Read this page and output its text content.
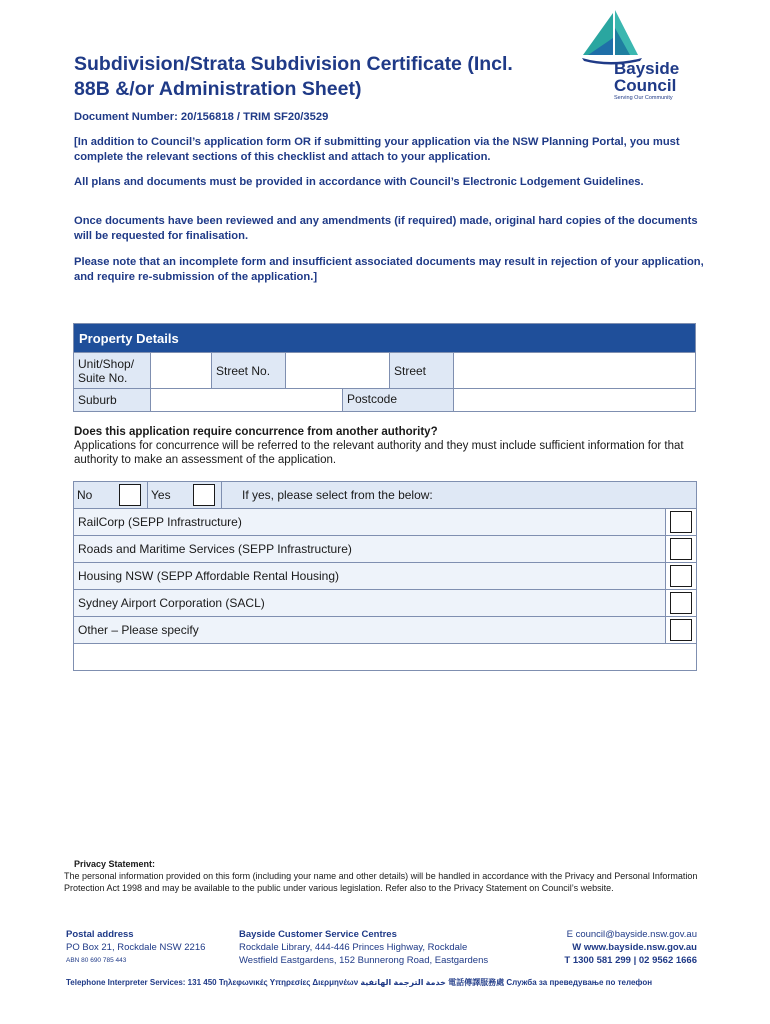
Subdivision/Strata Subdivision Certificate (Incl.
88B &/or Administration Sheet)
Bayside
Council
Serving Our Community

Document Number: 20/156818 / TRIM SF20/3529

[In addition to Council’s application form OR if submitting your application via the NSW Planning Portal, you must complete the relevant sections of this checklist and attach to your application.

All plans and documents must be provided in accordance with Council’s Electronic Lodgement Guidelines.

Once documents have been reviewed and any amendments (if required) made, original hard copies of the documents will be requested for finalisation.

Please note that an incomplete form and insufficient associated documents may result in rejection of your application, and require re-submission of the application.]

Property Details					
Unit/Shop/ Suite No.		Street No.		Street	
Suburb	Postcode				

Does this application require concurrence from another authority?

Applications for concurrence will be referred to the relevant authority and they must include sufficient information for that authority to make an assessment of the application.

No Yes If yes, please select from the below:	

RailCorp (SEPP Infrastructure)	
Roads and Maritime Services (SEPP Infrastructure)	
Housing NSW (SEPP Affordable Rental Housing)	
Sydney Airport Corporation (SACL)	
Other – Please specify	

Privacy Statement:

The personal information provided on this form (including your name and other details) will be handled in accordance with the Privacy and Personal Information Protection Act 1998 and may be available to the public under various legislation. Refer also to the Privacy Statement on Council’s website.

Postal address
PO Box 21, Rockdale NSW 2216
ABN 80 690 785 443
Bayside Customer Service Centres
Rockdale Library, 444-446 Princes Highway, Rockdale
Westfield Eastgardens, 152 Bunnerong Road, Eastgardens
E council@bayside.nsw.gov.au
W www.bayside.nsw.gov.au
T 1300 581 299 | 02 9562 1666
Telephone Interpreter Services: 131 450 Τηλεφωνικές Υπηρεσίες Διερμηνέων خدمة الترجمة الهاتفية 電話傳譯服務處 Служба за преведување по телефон
